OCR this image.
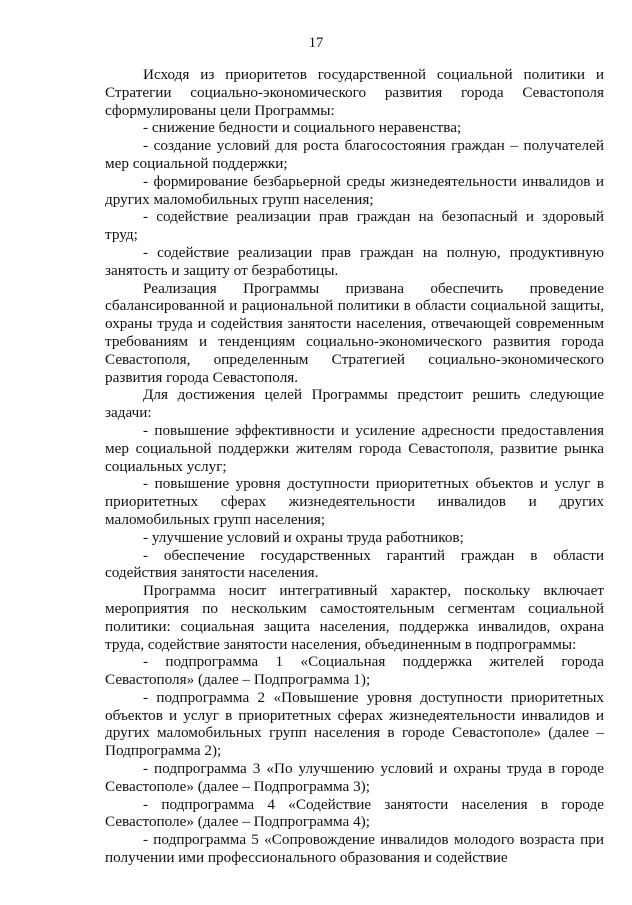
17

Исходя из приоритетов государственной социальной политики и Стратегии социально-экономического развития города Севастополя сформулированы цели Программы:

- снижение бедности и социального неравенства;

- создание условий для роста благосостояния граждан – получателей мер социальной поддержки;

- формирование безбарьерной среды жизнедеятельности инвалидов и других маломобильных групп населения;

- содействие реализации прав граждан на безопасный и здоровый труд;

- содействие реализации прав граждан на полную, продуктивную занятость и защиту от безработицы.

Реализация Программы призвана обеспечить проведение сбалансированной и рациональной политики в области социальной защиты, охраны труда и содействия занятости населения, отвечающей современным требованиям и тенденциям социально-экономического развития города Севастополя, определенным Стратегией социально-экономического развития города Севастополя.

Для достижения целей Программы предстоит решить следующие задачи:

- повышение эффективности и усиление адресности предоставления мер социальной поддержки жителям города Севастополя, развитие рынка социальных услуг;

- повышение уровня доступности приоритетных объектов и услуг в приоритетных сферах жизнедеятельности инвалидов и других маломобильных групп населения;

- улучшение условий и охраны труда работников;

- обеспечение государственных гарантий граждан в области содействия занятости населения.

Программа носит интегративный характер, поскольку включает мероприятия по нескольким самостоятельным сегментам социальной политики: социальная защита населения, поддержка инвалидов, охрана труда, содействие занятости населения, объединенным в подпрограммы:

- подпрограмма 1 «Социальная поддержка жителей города Севастополя» (далее – Подпрограмма 1);

- подпрограмма 2 «Повышение уровня доступности приоритетных объектов и услуг в приоритетных сферах жизнедеятельности инвалидов и других маломобильных групп населения в городе Севастополе» (далее – Подпрограмма 2);

- подпрограмма 3 «По улучшению условий и охраны труда в городе Севастополе» (далее – Подпрограмма 3);

- подпрограмма 4 «Содействие занятости населения в городе Севастополе» (далее – Подпрограмма 4);

- подпрограмма 5 «Сопровождение инвалидов молодого возраста при получении ими профессионального образования и содействие
